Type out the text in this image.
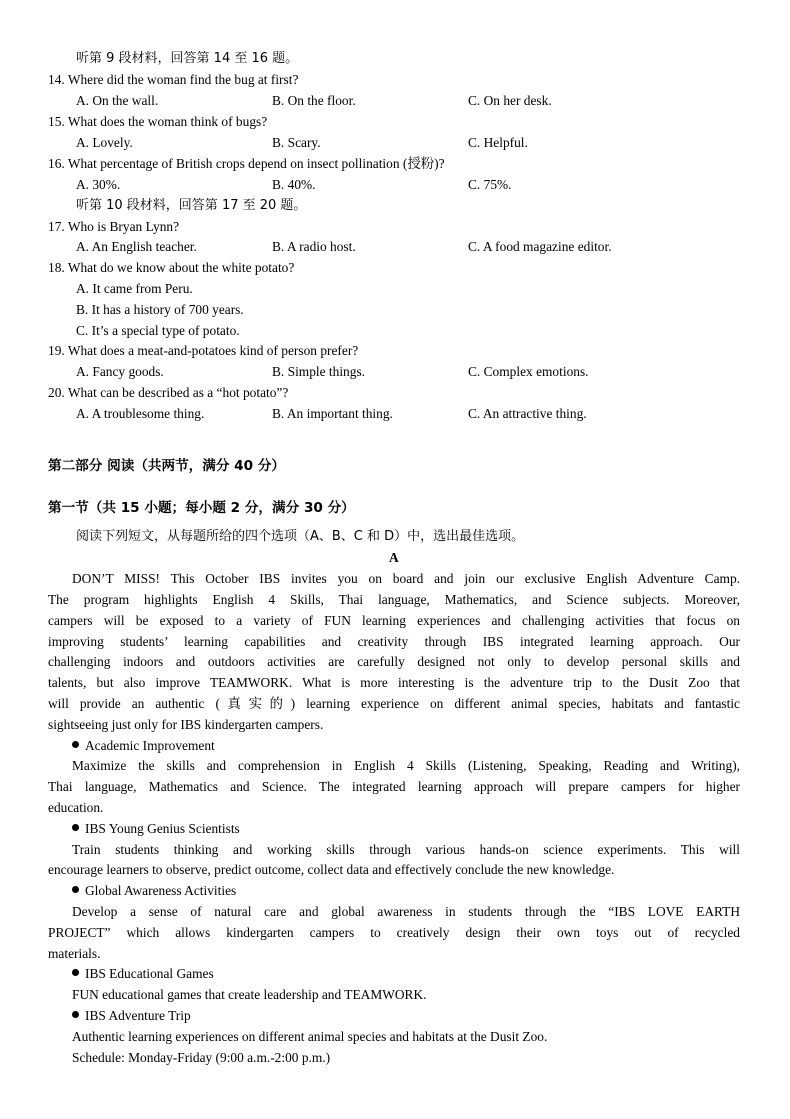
听第 9 段材料，回答第 14 至 16 题。
14. Where did the woman find the bug at first?
A. On the wall.	B. On the floor.	C. On her desk.
15. What does the woman think of bugs?
A. Lovely.	B. Scary.	C. Helpful.
16. What percentage of British crops depend on insect pollination (授粉)?
A. 30%.	B. 40%.	C. 75%.
听第 10 段材料，回答第 17 至 20 题。
17. Who is Bryan Lynn?
A. An English teacher.	B. A radio host.	C. A food magazine editor.
18. What do we know about the white potato?
A. It came from Peru.
B. It has a history of 700 years.
C. It’s a special type of potato.
19. What does a meat-and-potatoes kind of person prefer?
A. Fancy goods.	B. Simple things.	C. Complex emotions.
20. What can be described as a “hot potato”?
A. A troublesome thing.	B. An important thing.	C. An attractive thing.
第二部分 阅读（共两节，满分 40 分）
第一节（共 15 小题；每小题 2 分，满分 30 分）
阅读下列短文，从每题所给的四个选项（A、B、C 和 D）中，选出最佳选项。
A
DON’T MISS! This October IBS invites you on board and join our exclusive English Adventure Camp.
The program highlights English 4 Skills, Thai language, Mathematics, and Science subjects. Moreover,
campers will be exposed to a variety of FUN learning experiences and challenging activities that focus on
improving students’ learning capabilities and creativity through IBS integrated learning approach. Our
challenging indoors and outdoors activities are carefully designed not only to develop personal skills and
talents, but also improve TEAMWORK. What is more interesting is the adventure trip to the Dusit Zoo that
will provide an authentic (真实的) learning experience on different animal species, habitats and fantastic
sightseeing just only for IBS kindergarten campers.
Academic Improvement
Maximize the skills and comprehension in English 4 Skills (Listening, Speaking, Reading and Writing),
Thai language, Mathematics and Science. The integrated learning approach will prepare campers for higher
education.
IBS Young Genius Scientists
Train students thinking and working skills through various hands-on science experiments. This will
encourage learners to observe, predict outcome, collect data and effectively conclude the new knowledge.
Global Awareness Activities
Develop a sense of natural care and global awareness in students through the “IBS LOVE EARTH
PROJECT” which allows kindergarten campers to creatively design their own toys out of recycled
materials.
IBS Educational Games
FUN educational games that create leadership and TEAMWORK.
IBS Adventure Trip
Authentic learning experiences on different animal species and habitats at the Dusit Zoo.
Schedule: Monday-Friday (9:00 a.m.-2:00 p.m.)
